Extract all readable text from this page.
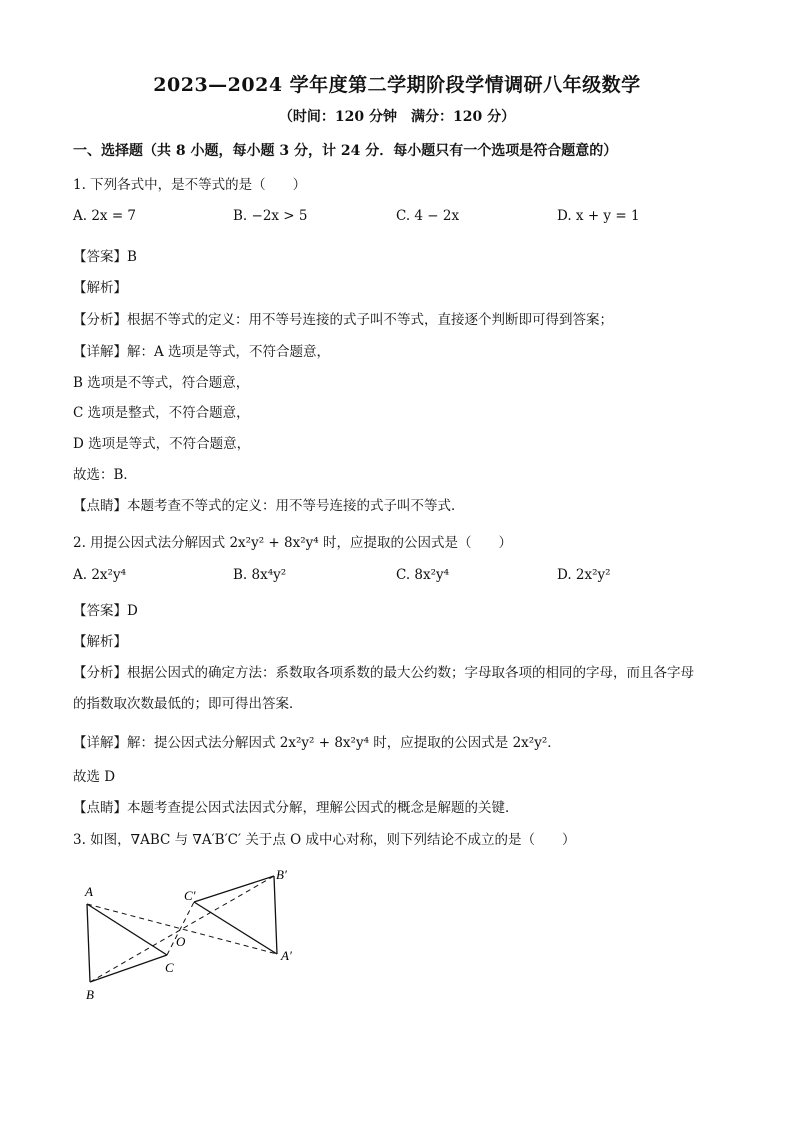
2023—2024 学年度第二学期阶段学情调研八年级数学
（时间：120 分钟　满分：120 分）
一、选择题（共 8 小题，每小题 3 分，计 24 分．每小题只有一个选项是符合题意的）
1. 下列各式中，是不等式的是（　　）
A. 2x = 7	B. −2x > 5	C. 4 − 2x	D. x + y = 1
【答案】B
【解析】
【分析】根据不等式的定义：用不等号连接的式子叫不等式，直接逐个判断即可得到答案；
【详解】解：A 选项是等式，不符合题意，
B 选项是不等式，符合题意，
C 选项是整式，不符合题意，
D 选项是等式，不符合题意，
故选：B．
【点睛】本题考查不等式的定义：用不等号连接的式子叫不等式．
2. 用提公因式法分解因式 2x²y² + 8x²y⁴ 时，应提取的公因式是（　　）
A. 2x²y⁴	B. 8x⁴y²	C. 8x²y⁴	D. 2x²y²
【答案】D
【解析】
【分析】根据公因式的确定方法：系数取各项系数的最大公约数；字母取各项的相同的字母，而且各字母
的指数取次数最低的；即可得出答案．
【详解】解：提公因式法分解因式 2x²y² + 8x²y⁴ 时，应提取的公因式是 2x²y²．
故选 D
【点睛】本题考查提公因式法因式分解，理解公因式的概念是解题的关键．
3. 如图，∇ABC 与 ∇A′B′C′ 关于点 O 成中心对称，则下列结论不成立的是（　　）
A
B
C
O
A′
B′
C′
